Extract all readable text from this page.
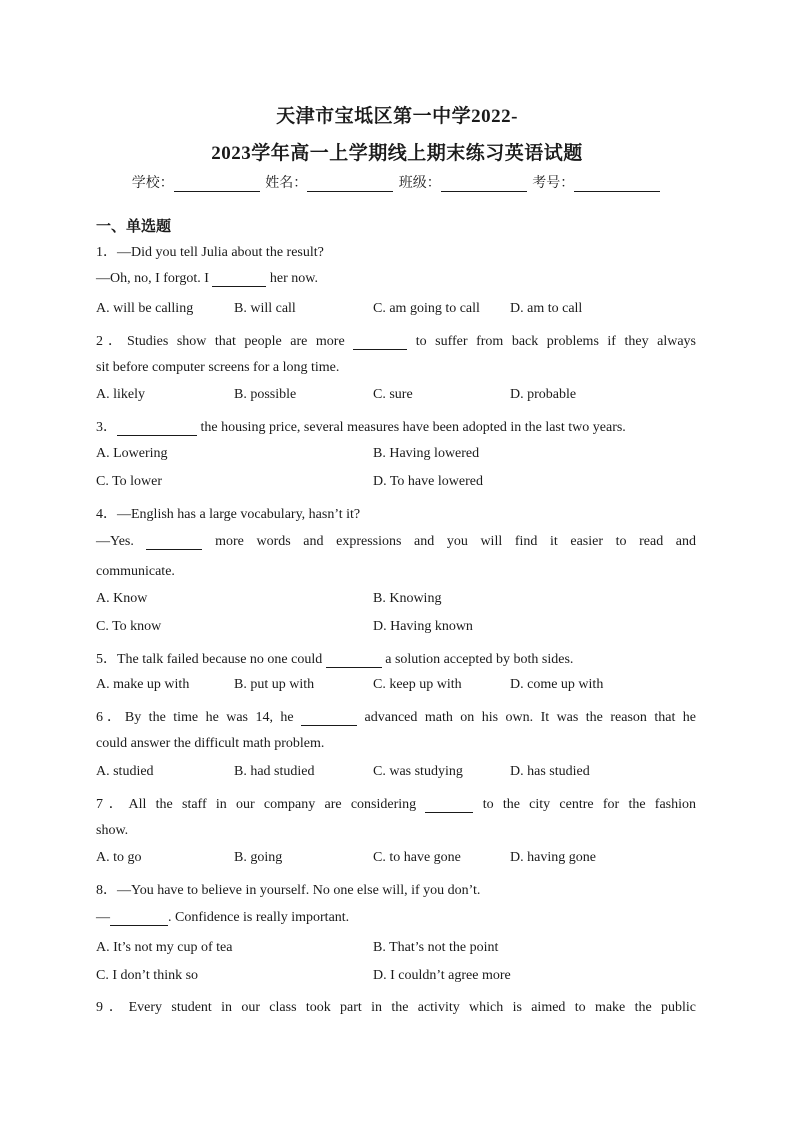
天津市宝坻区第一中学2022-
2023学年高一上学期线上期末练习英语试题
学校：	姓名：	班级：	考号：
一、单选题
1．—Did you tell Julia about the result?
—Oh, no, I forgot. I	her now.
A. will be calling	B. will call	C. am going to call D. am to call
2．Studies show that people are more	to suffer from back problems if they always
sit before computer screens for a long time.
A. likely	B. possible	C. sure	D. probable
3．	the housing price, several measures have been adopted in the last two years.
A. Lowering	B. Having lowered
C. To lower	D. To have lowered
4．—English has a large vocabulary, hasn’t it?
—Yes.	more words and expressions and you will find it easier to read and
communicate.
A. Know	B. Knowing
C. To know	D. Having known
5．The talk failed because no one could	a solution accepted by both sides.
A. make up with	B. put up with	C. keep up with	D. come up with
6．By the time he was 14, he	advanced math on his own. It was the reason that he
could answer the difficult math problem.
A. studied	B. had studied	C. was studying	D. has studied
7．All the staff in our company are considering	to the city centre for the fashion
show.
A. to go	B. going	C. to have gone	D. having gone
8．—You have to believe in yourself. No one else will, if you don’t.
—	. Confidence is really important.
A. It’s not my cup of tea	B. That’s not the point
C. I don’t think so	D. I couldn’t agree more
9．Every student in our class took part in the activity which is aimed to make the public
